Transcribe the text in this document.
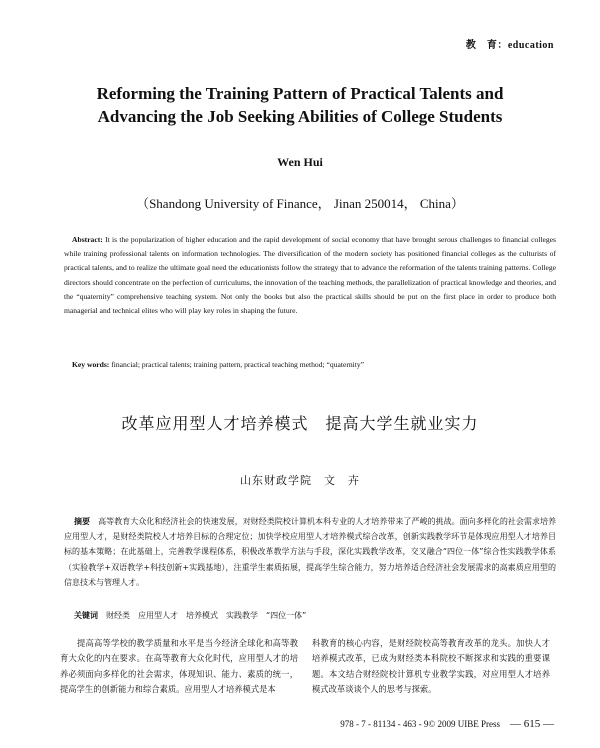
教　育：education
Reforming the Training Pattern of Practical Talents and
Advancing the Job Seeking Abilities of College Students
Wen Hui
（Shandong University of Finance， Jinan 250014， China）
Abstract: It is the popularization of higher education and the rapid development of social economy that have brought serous challenges to financial colleges while training professional talents on information technologies. The diversification of the modern society has positioned financial colleges as the culturists of practical talents, and to realize the ultimate goal need the educationists follow the strategy that to advance the reformation of the talents training patterns. College directors should concentrate on the perfection of curriculums, the innovation of the teaching methods, the parallelization of practical knowledge and theories, and the “quaternity” comprehensive teaching system. Not only the books but also the practical skills should be put on the first place in order to produce both managerial and technical elites who will play key roles in shaping the future.
Key words: financial; practical talents; training pattern, practical teaching method; “quaternity”
改革应用型人才培养模式　提高大学生就业实力
山东财政学院　文　卉
摘要　 高等教育大众化和经济社会的快速发展，对财经类院校计算机本科专业的人才培养带来了严峻的挑战。面向多样化的社会需求培养应用型人才，是财经类院校人才培养目标的合理定位；加快学校应用型人才培养模式综合改革，创新实践教学环节是体现应用型人才培养目标的基本策略；在此基础上，完善教学课程体系，积极改革教学方法与手段，深化实践教学改革，交叉融合“四位一体”综合性实践教学体系（实验教学+双语教学+科技创新+实践基地），注重学生素质拓展，提高学生综合能力，努力培养适合经济社会发展需求的高素质应用型的信息技术与管理人才。
关键词　 财经类　应用型人才　培养模式　实践教学　“四位一体”
提高高等学校的教学质量和水平是当今经济全球化和高等教育大众化的内在要求。在高等教育大众化时代，应用型人才的培养必须面向多样化的社会需求，体现知识、能力、素质的统一，提高学生的创新能力和综合素质。应用型人才培养模式是本
科教育的核心内容，是财经院校高等教育改革的龙头。加快人才培养模式改革，已成为财经类本科院校不断探求和实践的重要课题。本文结合财经院校计算机专业教学实践，对应用型人才培养模式改革谈谈个人的思考与探索。
978 - 7 - 81134 - 463 - 9© 2009 UIBE Press — 615 —
